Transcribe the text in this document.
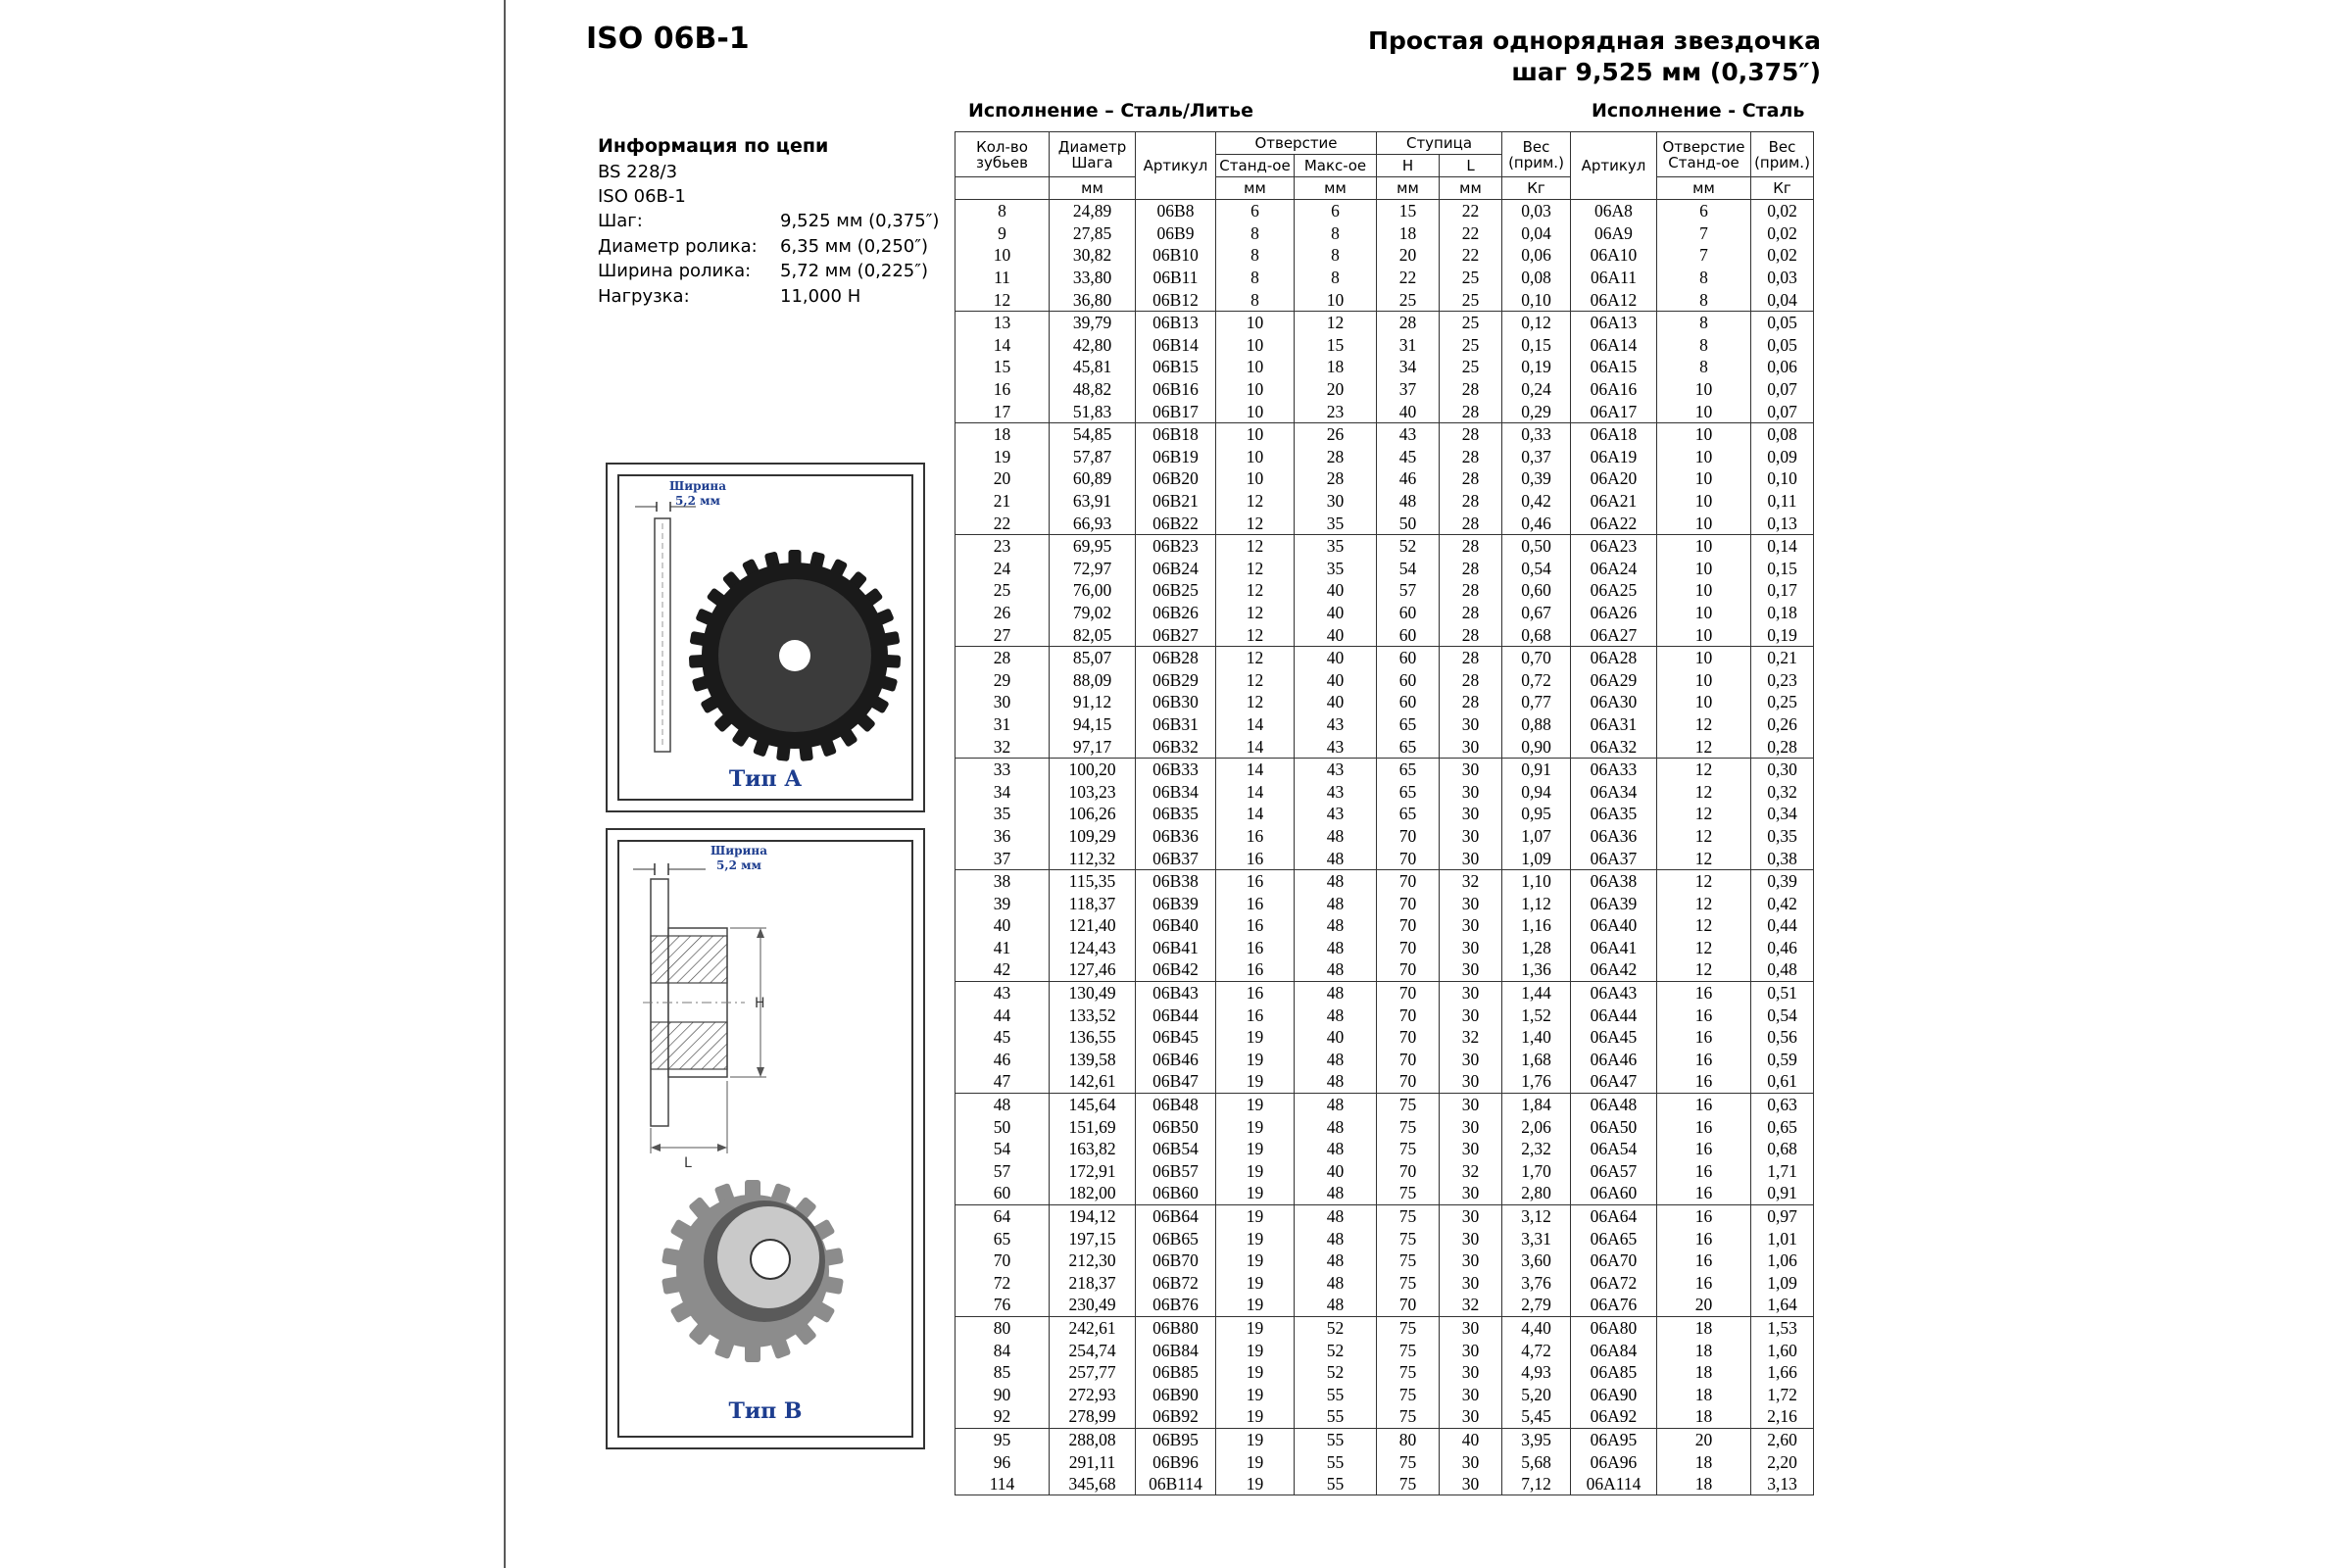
ISO 06B-1	Простая однорядная звездочка
шаг 9,525 мм (0,375″)
Исполнение – Сталь/Литье	Исполнение - Сталь
Информация по цепи
BS 228/3
ISO 06B-1
Шаг:	9,525 мм (0,375″)
Диаметр ролика:	6,35 мм (0,250″)
Ширина ролика:	5,72 мм (0,225″)
Нагрузка:	11,000 Н
Ширина
5,2 мм
Тип А
H
L
Ширина
5,2 мм
Тип В
Кол-во зубьев	Диаметр Шага	Артикул	Отверстие		Ступица		Вес (прим.)	Артикул	Отверстие Станд-ое	Вес (прим.)
			Станд-ое	Макс-ое	H	L				
	мм		мм	мм	мм	мм	Кг		мм	Кг
8	24,89	06B8	6	6	15	22	0,03	06A8	6	0,02
9	27,85	06B9	8	8	18	22	0,04	06A9	7	0,02
10	30,82	06B10	8	8	20	22	0,06	06A10	7	0,02
11	33,80	06B11	8	8	22	25	0,08	06A11	8	0,03
12	36,80	06B12	8	10	25	25	0,10	06A12	8	0,04
13	39,79	06B13	10	12	28	25	0,12	06A13	8	0,05
14	42,80	06B14	10	15	31	25	0,15	06A14	8	0,05
15	45,81	06B15	10	18	34	25	0,19	06A15	8	0,06
16	48,82	06B16	10	20	37	28	0,24	06A16	10	0,07
17	51,83	06B17	10	23	40	28	0,29	06A17	10	0,07
18	54,85	06B18	10	26	43	28	0,33	06A18	10	0,08
19	57,87	06B19	10	28	45	28	0,37	06A19	10	0,09
20	60,89	06B20	10	28	46	28	0,39	06A20	10	0,10
21	63,91	06B21	12	30	48	28	0,42	06A21	10	0,11
22	66,93	06B22	12	35	50	28	0,46	06A22	10	0,13
23	69,95	06B23	12	35	52	28	0,50	06A23	10	0,14
24	72,97	06B24	12	35	54	28	0,54	06A24	10	0,15
25	76,00	06B25	12	40	57	28	0,60	06A25	10	0,17
26	79,02	06B26	12	40	60	28	0,67	06A26	10	0,18
27	82,05	06B27	12	40	60	28	0,68	06A27	10	0,19
28	85,07	06B28	12	40	60	28	0,70	06A28	10	0,21
29	88,09	06B29	12	40	60	28	0,72	06A29	10	0,23
30	91,12	06B30	12	40	60	28	0,77	06A30	10	0,25
31	94,15	06B31	14	43	65	30	0,88	06A31	12	0,26
32	97,17	06B32	14	43	65	30	0,90	06A32	12	0,28
33	100,20	06B33	14	43	65	30	0,91	06A33	12	0,30
34	103,23	06B34	14	43	65	30	0,94	06A34	12	0,32
35	106,26	06B35	14	43	65	30	0,95	06A35	12	0,34
36	109,29	06B36	16	48	70	30	1,07	06A36	12	0,35
37	112,32	06B37	16	48	70	30	1,09	06A37	12	0,38
38	115,35	06B38	16	48	70	32	1,10	06A38	12	0,39
39	118,37	06B39	16	48	70	30	1,12	06A39	12	0,42
40	121,40	06B40	16	48	70	30	1,16	06A40	12	0,44
41	124,43	06B41	16	48	70	30	1,28	06A41	12	0,46
42	127,46	06B42	16	48	70	30	1,36	06A42	12	0,48
43	130,49	06B43	16	48	70	30	1,44	06A43	16	0,51
44	133,52	06B44	16	48	70	30	1,52	06A44	16	0,54
45	136,55	06B45	19	40	70	32	1,40	06A45	16	0,56
46	139,58	06B46	19	48	70	30	1,68	06A46	16	0,59
47	142,61	06B47	19	48	70	30	1,76	06A47	16	0,61
48	145,64	06B48	19	48	75	30	1,84	06A48	16	0,63
50	151,69	06B50	19	48	75	30	2,06	06A50	16	0,65
54	163,82	06B54	19	48	75	30	2,32	06A54	16	0,68
57	172,91	06B57	19	40	70	32	1,70	06A57	16	1,71
60	182,00	06B60	19	48	75	30	2,80	06A60	16	0,91
64	194,12	06B64	19	48	75	30	3,12	06A64	16	0,97
65	197,15	06B65	19	48	75	30	3,31	06A65	16	1,01
70	212,30	06B70	19	48	75	30	3,60	06A70	16	1,06
72	218,37	06B72	19	48	75	30	3,76	06A72	16	1,09
76	230,49	06B76	19	48	70	32	2,79	06A76	20	1,64
80	242,61	06B80	19	52	75	30	4,40	06A80	18	1,53
84	254,74	06B84	19	52	75	30	4,72	06A84	18	1,60
85	257,77	06B85	19	52	75	30	4,93	06A85	18	1,66
90	272,93	06B90	19	55	75	30	5,20	06A90	18	1,72
92	278,99	06B92	19	55	75	30	5,45	06A92	18	2,16
95	288,08	06B95	19	55	80	40	3,95	06A95	20	2,60
96	291,11	06B96	19	55	75	30	5,68	06A96	18	2,20
114	345,68	06B114	19	55	75	30	7,12	06A114	18	3,13
